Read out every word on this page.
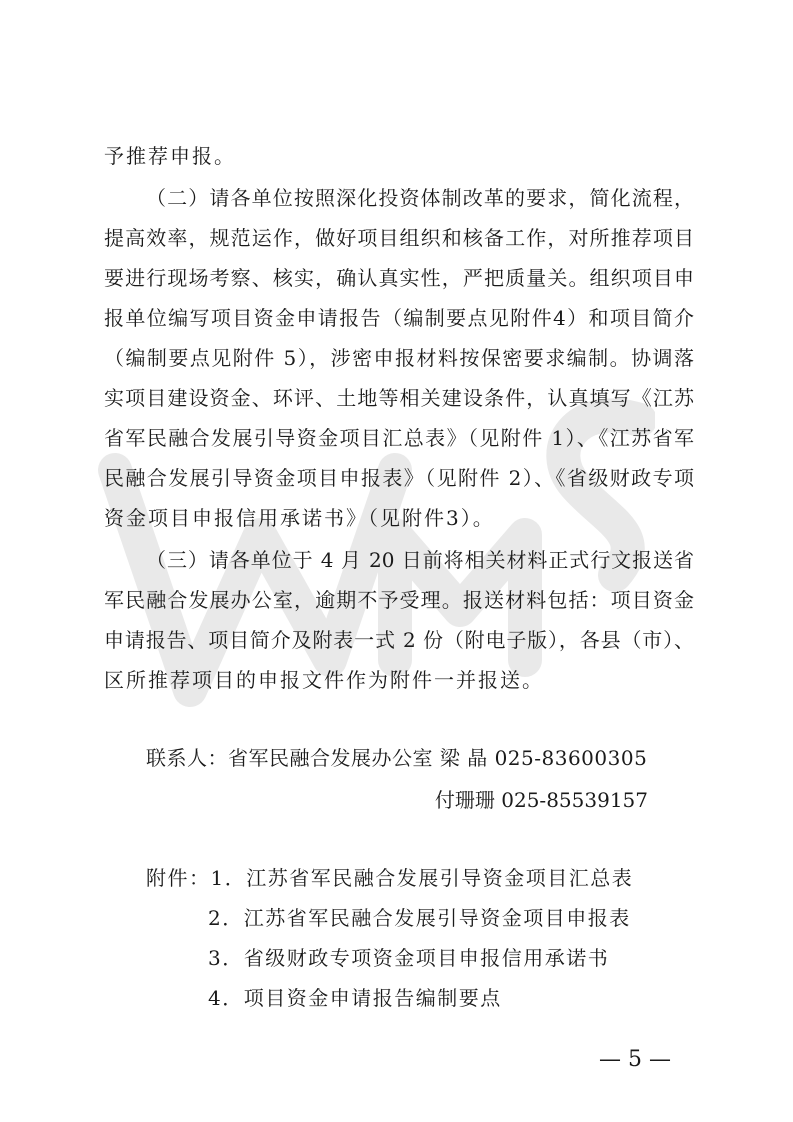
予推荐申报。
（二）请各单位按照深化投资体制改革的要求，简化流程，
提高效率，规范运作，做好项目组织和核备工作，对所推荐项目
要进行现场考察、核实，确认真实性，严把质量关。组织项目申
报单位编写项目资金申请报告（编制要点见附件4）和项目简介
（编制要点见附件 5），涉密申报材料按保密要求编制。协调落
实项目建设资金、环评、土地等相关建设条件，认真填写《江苏
省军民融合发展引导资金项目汇总表》（见附件 1）、《江苏省军
民融合发展引导资金项目申报表》（见附件 2）、《省级财政专项
资金项目申报信用承诺书》（见附件3）。
（三）请各单位于 4 月 20 日前将相关材料正式行文报送省
军民融合发展办公室，逾期不予受理。报送材料包括：项目资金
申请报告、项目简介及附表一式 2 份（附电子版），各县（市）、
区所推荐项目的申报文件作为附件一并报送。
联系人：省军民融合发展办公室 梁 晶 025-83600305
付珊珊 025-85539157
附件：1．江苏省军民融合发展引导资金项目汇总表
2．江苏省军民融合发展引导资金项目申报表
3．省级财政专项资金项目申报信用承诺书
4．项目资金申请报告编制要点
— 5 —
